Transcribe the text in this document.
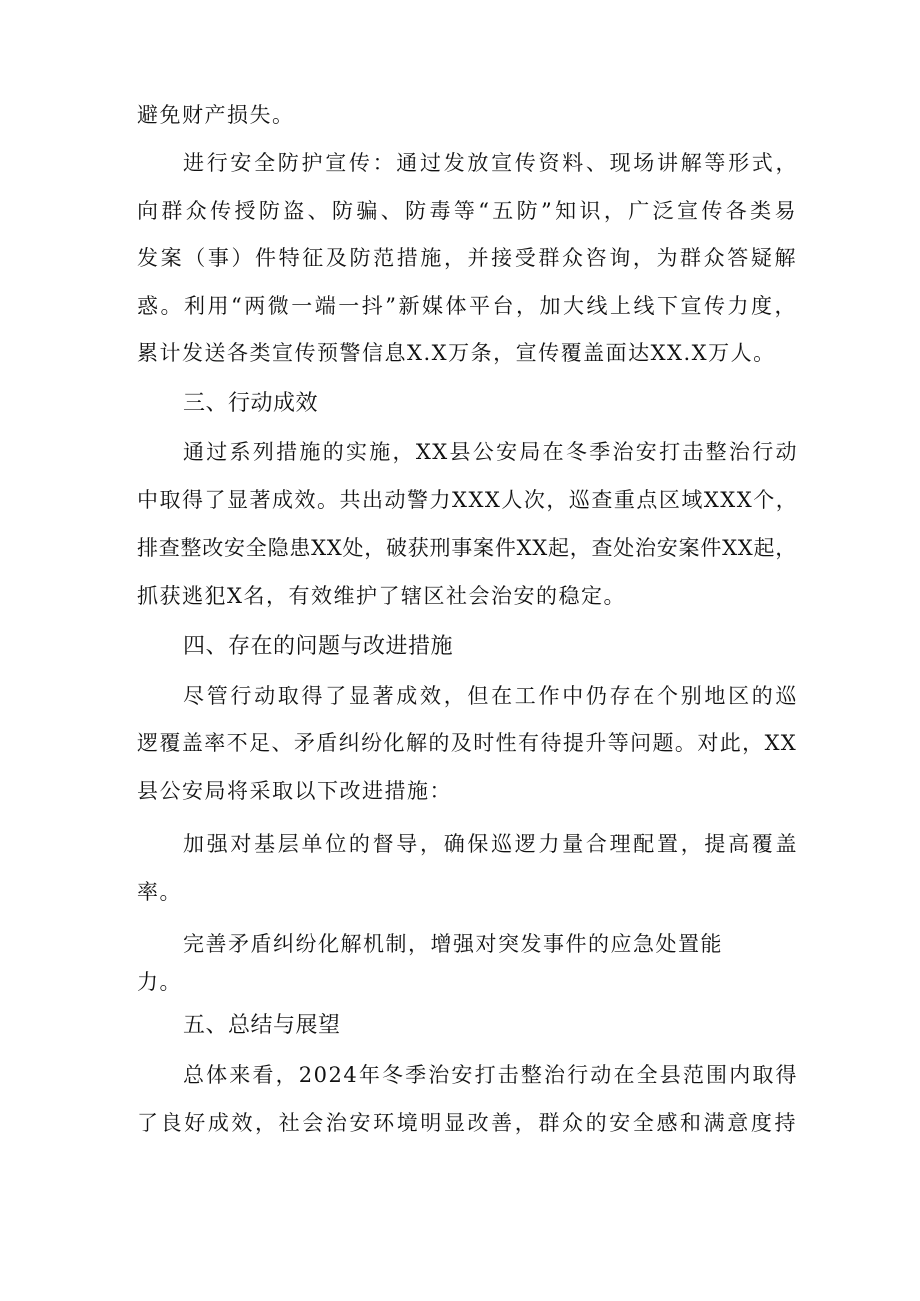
避免财产损失。
进行安全防护宣传：通过发放宣传资料、现场讲解等形式，
向群众传授防盗、防骗、防毒等“五防”知识，广泛宣传各类易
发案（事）件特征及防范措施，并接受群众咨询，为群众答疑解
惑。利用“两微一端一抖”新媒体平台，加大线上线下宣传力度，
累计发送各类宣传预警信息X.X万条，宣传覆盖面达XX.X万人。
三、行动成效
通过系列措施的实施，XX县公安局在冬季治安打击整治行动
中取得了显著成效。共出动警力XXX人次，巡查重点区域XXX个，
排查整改安全隐患XX处，破获刑事案件XX起，查处治安案件XX起，
抓获逃犯X名，有效维护了辖区社会治安的稳定。
四、存在的问题与改进措施
尽管行动取得了显著成效，但在工作中仍存在个别地区的巡
逻覆盖率不足、矛盾纠纷化解的及时性有待提升等问题。对此，XX
县公安局将采取以下改进措施：
加强对基层单位的督导，确保巡逻力量合理配置，提高覆盖
率。
完善矛盾纠纷化解机制，增强对突发事件的应急处置能
力。
五、总结与展望
总体来看，2024年冬季治安打击整治行动在全县范围内取得
了良好成效，社会治安环境明显改善，群众的安全感和满意度持
